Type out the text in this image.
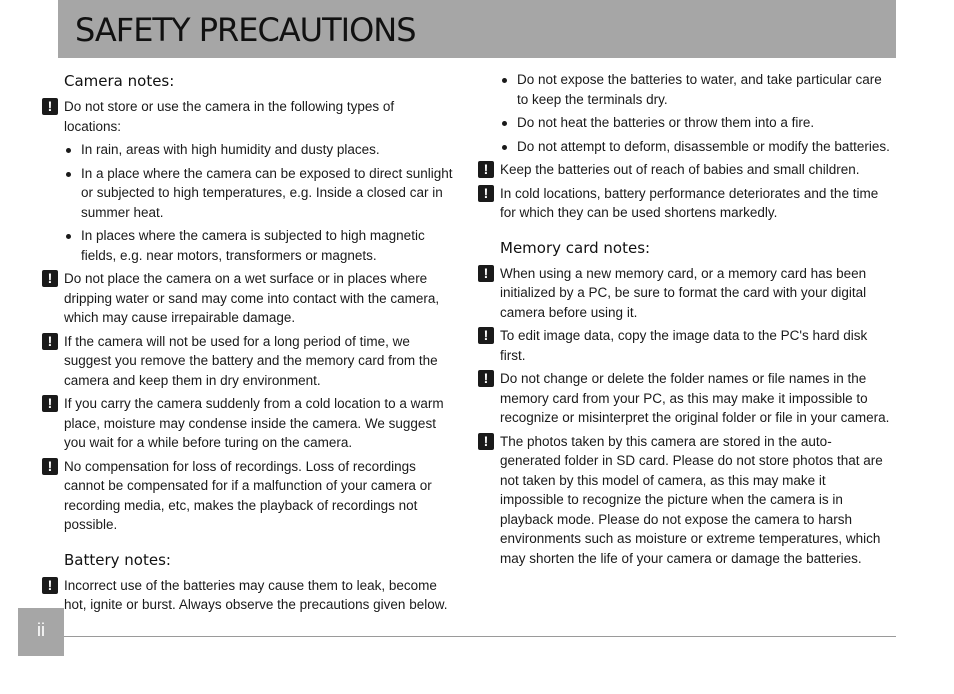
SAFETY PRECAUTIONS
Camera notes:
! Do not store or use the camera in the following types of locations:
In rain, areas with high humidity and dusty places.
In a place where the camera can be exposed to direct sunlight or subjected to high temperatures, e.g. Inside a closed car in summer heat.
In places where the camera is subjected to high magnetic fields, e.g. near motors, transformers or magnets.
! Do not place the camera on a wet surface or in places where dripping water or sand may come into contact with the camera, which may cause irrepairable damage.
! If the camera will not be used for a long period of time, we suggest you remove the battery and the memory card from the camera and keep them in dry environment.
! If you carry the camera suddenly from a cold location to a warm place, moisture may condense inside the camera. We suggest you wait for a while before turing on the camera.
! No compensation for loss of recordings. Loss of recordings cannot be compensated for if a malfunction of your camera or recording media, etc, makes the playback of recordings not possible.
Battery notes:
! Incorrect use of the batteries may cause them to leak, become hot, ignite or burst. Always observe the precautions given below.
Do not expose the batteries to water, and take particular care to keep the terminals dry.
Do not heat the batteries or throw them into a fire.
Do not attempt to deform, disassemble or modify the batteries.
! Keep the batteries out of reach of babies and small children.
! In cold locations, battery performance deteriorates and the time for which they can be used shortens markedly.
Memory card notes:
! When using a new memory card, or a memory card has been initialized by a PC, be sure to format the card with your digital camera before using it.
! To edit image data, copy the image data to the PC's hard disk first.
! Do not change or delete the folder names or file names in the memory card from your PC, as this may make it impossible to recognize or misinterpret the original folder or file in your camera.
! The photos taken by this camera are stored in the auto-generated folder in SD card. Please do not store photos that are not taken by this model of camera, as this may make it impossible to recognize the picture when the camera is in playback mode. Please do not expose the camera to harsh environments such as moisture or extreme temperatures, which may shorten the life of your camera or damage the batteries.
ii
